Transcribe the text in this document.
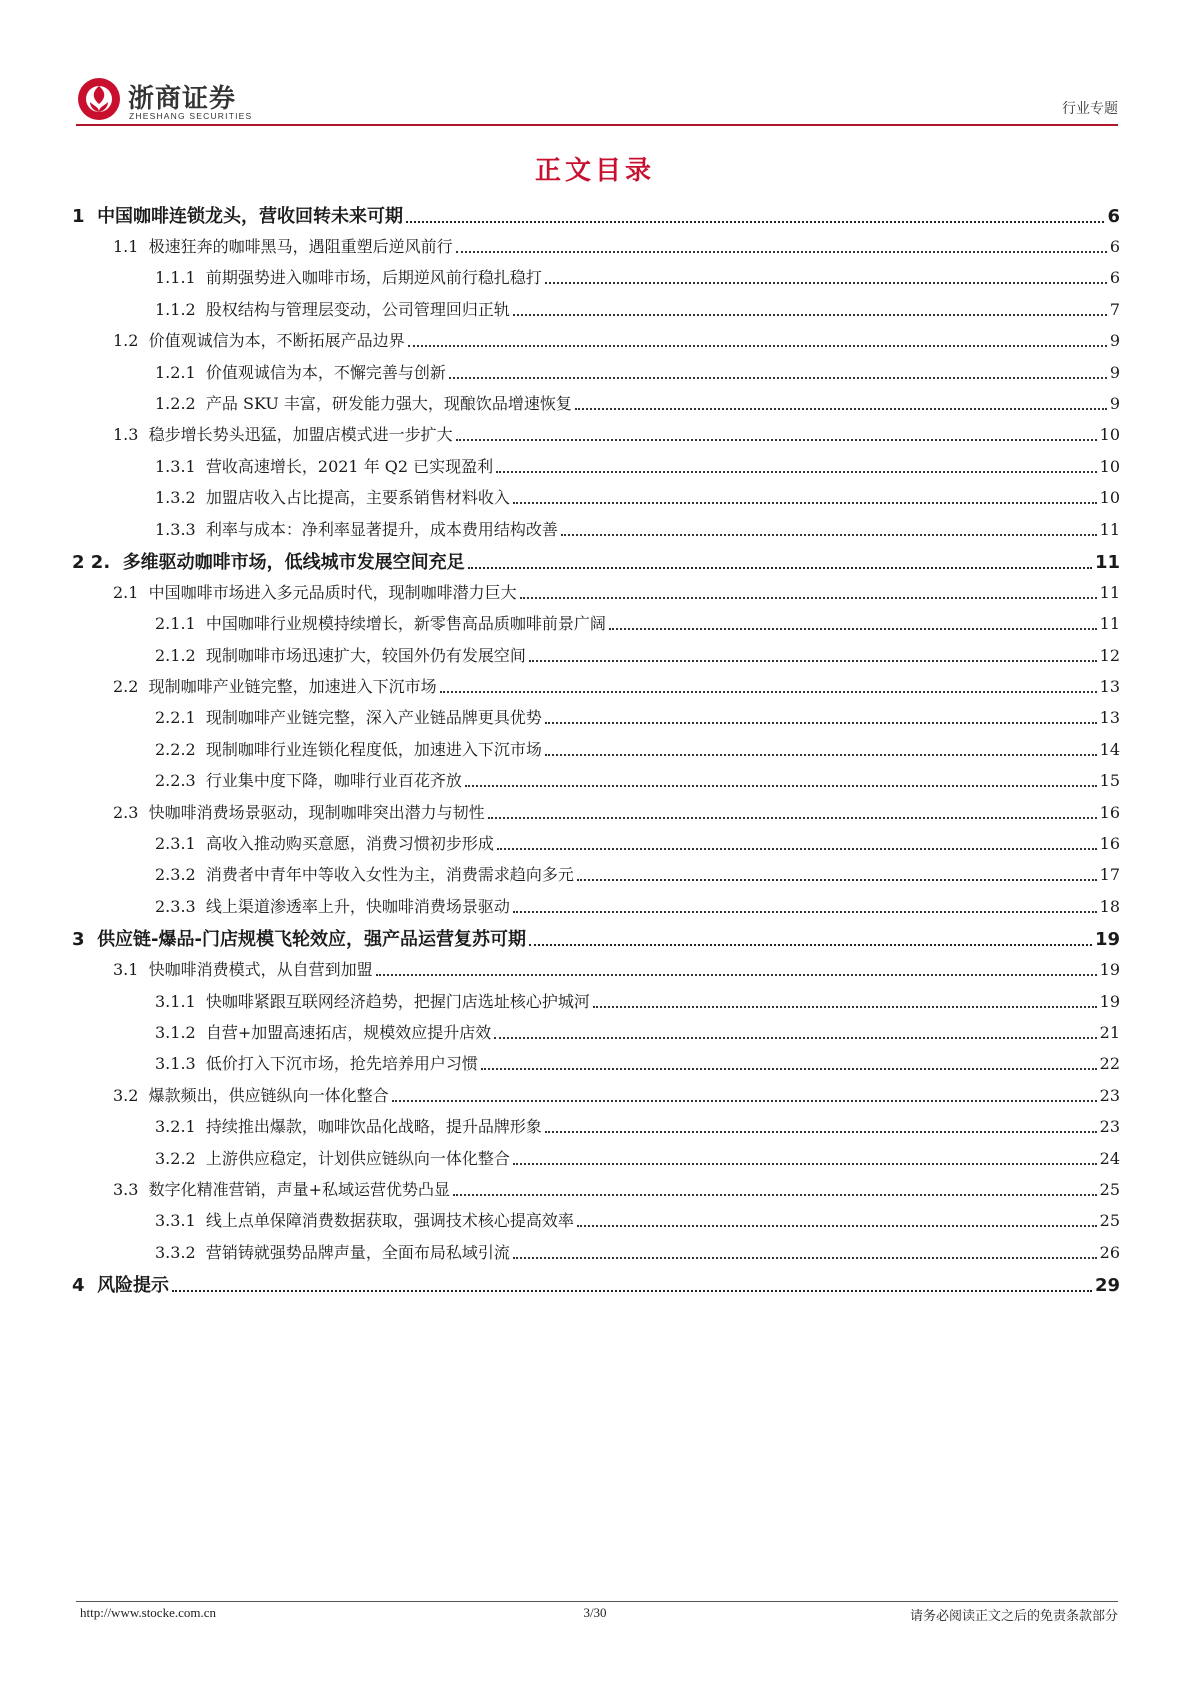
浙商证券
ZHESHANG SECURITIES	行业专题
正文目录
1 中国咖啡连锁龙头，营收回转未来可期	6
1.1 极速狂奔的咖啡黑马，遇阻重塑后逆风前行	6
1.1.1 前期强势进入咖啡市场，后期逆风前行稳扎稳打	6
1.1.2 股权结构与管理层变动，公司管理回归正轨	7
1.2 价值观诚信为本，不断拓展产品边界	9
1.2.1 价值观诚信为本，不懈完善与创新	9
1.2.2 产品 SKU 丰富，研发能力强大，现酿饮品增速恢复	9
1.3 稳步增长势头迅猛，加盟店模式进一步扩大	10
1.3.1 营收高速增长，2021 年 Q2 已实现盈利	10
1.3.2 加盟店收入占比提高，主要系销售材料收入	10
1.3.3 利率与成本：净利率显著提升，成本费用结构改善	11
2 2. 多维驱动咖啡市场，低线城市发展空间充足	11
2.1 中国咖啡市场进入多元品质时代，现制咖啡潜力巨大	11
2.1.1 中国咖啡行业规模持续增长，新零售高品质咖啡前景广阔	11
2.1.2 现制咖啡市场迅速扩大，较国外仍有发展空间	12
2.2 现制咖啡产业链完整，加速进入下沉市场	13
2.2.1 现制咖啡产业链完整，深入产业链品牌更具优势	13
2.2.2 现制咖啡行业连锁化程度低，加速进入下沉市场	14
2.2.3 行业集中度下降，咖啡行业百花齐放	15
2.3 快咖啡消费场景驱动，现制咖啡突出潜力与韧性	16
2.3.1 高收入推动购买意愿，消费习惯初步形成	16
2.3.2 消费者中青年中等收入女性为主，消费需求趋向多元	17
2.3.3 线上渠道渗透率上升，快咖啡消费场景驱动	18
3 供应链-爆品-门店规模飞轮效应，强产品运营复苏可期	19
3.1 快咖啡消费模式，从自营到加盟	19
3.1.1 快咖啡紧跟互联网经济趋势，把握门店选址核心护城河	19
3.1.2 自营+加盟高速拓店，规模效应提升店效	21
3.1.3 低价打入下沉市场，抢先培养用户习惯	22
3.2 爆款频出，供应链纵向一体化整合	23
3.2.1 持续推出爆款，咖啡饮品化战略，提升品牌形象	23
3.2.2 上游供应稳定，计划供应链纵向一体化整合	24
3.3 数字化精准营销，声量+私域运营优势凸显	25
3.3.1 线上点单保障消费数据获取，强调技术核心提高效率	25
3.3.2 营销铸就强势品牌声量，全面布局私域引流	26
4 风险提示	29
http://www.stocke.com.cn	3/30	请务必阅读正文之后的免责条款部分
